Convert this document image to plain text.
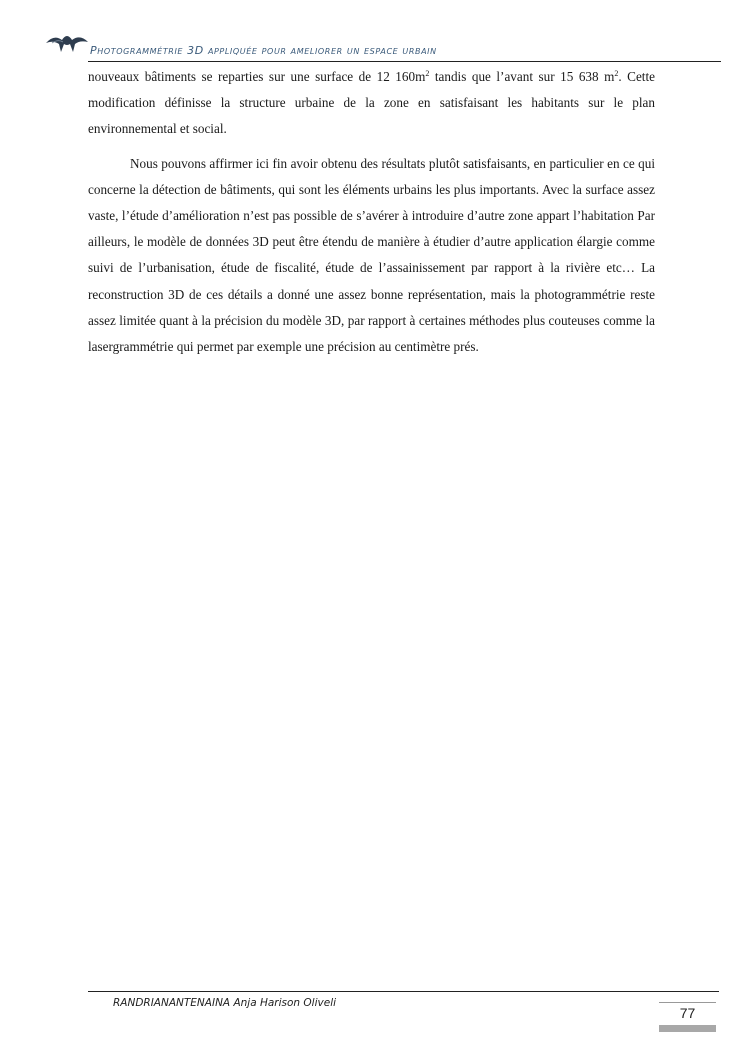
Photogrammétrie 3D appliquée pour ameliorer un espace urbain

nouveaux bâtiments se reparties sur une surface de 12 $160m^2$ tandis que l’avant sur 15 638 $m^2$. Cette modification définisse la structure urbaine de la zone en satisfaisant les habitants sur le plan environnemental et social.

Nous pouvons affirmer ici fin avoir obtenu des résultats plutôt satisfaisants, en particulier en ce qui concerne la détection de bâtiments, qui sont les éléments urbains les plus importants. Avec la surface assez vaste, l’étude d’amélioration n’est pas possible de s’avérer à introduire d’autre zone appart l’habitation Par ailleurs, le modèle de données 3D peut être étendu de manière à étudier d’autre application élargie comme suivi de l’urbanisation, étude de fiscalité, étude de l’assainissement par rapport à la rivière etc… La reconstruction 3D de ces détails a donné une assez bonne représentation, mais la photogrammétrie reste assez limitée quant à la précision du modèle 3D, par rapport à certaines méthodes plus couteuses comme la lasergrammétrie qui permet par exemple une précision au centimètre prés.

RANDRIANANTENAINA Anja Harison Oliveli
77
